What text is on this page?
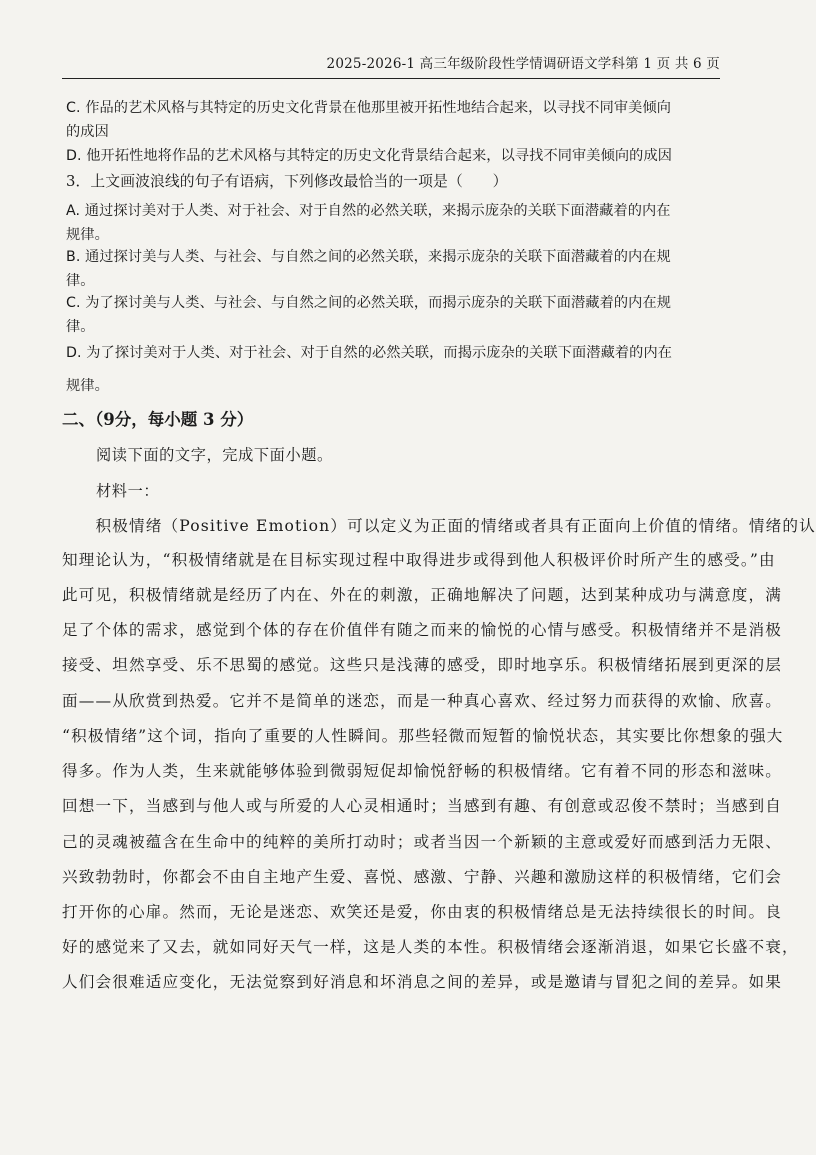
2025-2026-1 高三年级阶段性学情调研语文学科第 1 页 共 6 页
C. 作品的艺术风格与其特定的历史文化背景在他那里被开拓性地结合起来，以寻找不同审美倾向
的成因
D. 他开拓性地将作品的艺术风格与其特定的历史文化背景结合起来，以寻找不同审美倾向的成因
3．上文画波浪线的句子有语病，下列修改最恰当的一项是（　　）
A. 通过探讨美对于人类、对于社会、对于自然的必然关联，来揭示庞杂的关联下面潜藏着的内在
规律。
B. 通过探讨美与人类、与社会、与自然之间的必然关联，来揭示庞杂的关联下面潜藏着的内在规
律。
C. 为了探讨美与人类、与社会、与自然之间的必然关联，而揭示庞杂的关联下面潜藏着的内在规
律。
D. 为了探讨美对于人类、对于社会、对于自然的必然关联，而揭示庞杂的关联下面潜藏着的内在
规律。
二、（9分，每小题 3 分）
阅读下面的文字，完成下面小题。
材料一：
　　积极情绪（Positive Emotion）可以定义为正面的情绪或者具有正面向上价值的情绪。情绪的认
知理论认为，“积极情绪就是在目标实现过程中取得进步或得到他人积极评价时所产生的感受。”由
此可见，积极情绪就是经历了内在、外在的刺激，正确地解决了问题，达到某种成功与满意度，满
足了个体的需求，感觉到个体的存在价值伴有随之而来的愉悦的心情与感受。积极情绪并不是消极
接受、坦然享受、乐不思蜀的感觉。这些只是浅薄的感受，即时地享乐。积极情绪拓展到更深的层
面——从欣赏到热爱。它并不是简单的迷恋，而是一种真心喜欢、经过努力而获得的欢愉、欣喜。
“积极情绪”这个词，指向了重要的人性瞬间。那些轻微而短暂的愉悦状态，其实要比你想象的强大
得多。作为人类，生来就能够体验到微弱短促却愉悦舒畅的积极情绪。它有着不同的形态和滋味。
回想一下，当感到与他人或与所爱的人心灵相通时；当感到有趣、有创意或忍俊不禁时；当感到自
己的灵魂被蕴含在生命中的纯粹的美所打动时；或者当因一个新颖的主意或爱好而感到活力无限、
兴致勃勃时，你都会不由自主地产生爱、喜悦、感激、宁静、兴趣和激励这样的积极情绪，它们会
打开你的心扉。然而，无论是迷恋、欢笑还是爱，你由衷的积极情绪总是无法持续很长的时间。良
好的感觉来了又去，就如同好天气一样，这是人类的本性。积极情绪会逐渐消退，如果它长盛不衰，
人们会很难适应变化，无法觉察到好消息和坏消息之间的差异，或是邀请与冒犯之间的差异。如果
